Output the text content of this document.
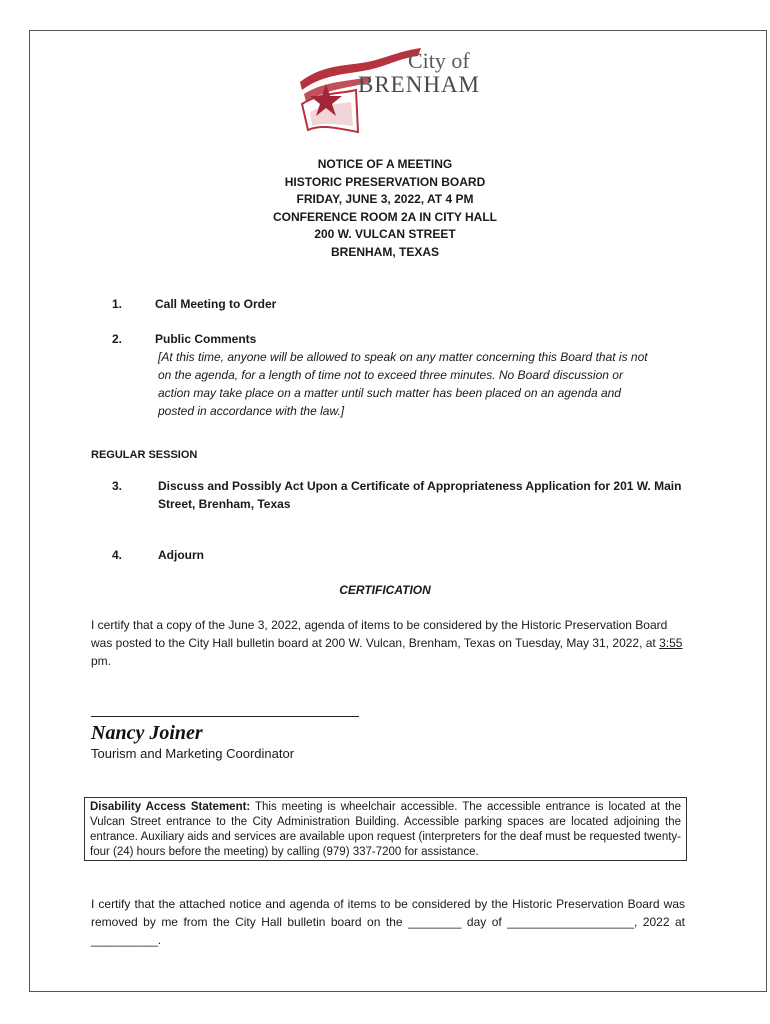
City of
BRENHAM
NOTICE OF A MEETING
HISTORIC PRESERVATION BOARD
FRIDAY, JUNE 3, 2022, AT 4 PM
CONFERENCE ROOM 2A IN CITY HALL
200 W. VULCAN STREET
BRENHAM, TEXAS
1.	Call Meeting to Order
2.	Public Comments
[At this time, anyone will be allowed to speak on any matter concerning this Board that is not on the agenda, for a length of time not to exceed three minutes. No Board discussion or action may take place on a matter until such matter has been placed on an agenda and posted in accordance with the law.]
REGULAR SESSION
3.	Discuss and Possibly Act Upon a Certificate of Appropriateness Application for 201 W. Main Street, Brenham, Texas
4.	Adjourn
CERTIFICATION
I certify that a copy of the June 3, 2022, agenda of items to be considered by the Historic Preservation Board was posted to the City Hall bulletin board at 200 W. Vulcan, Brenham, Texas on Tuesday, May 31, 2022, at 3:55 pm.
Nancy Joiner
Tourism and Marketing Coordinator
Disability Access Statement: This meeting is wheelchair accessible. The accessible entrance is located at the Vulcan Street entrance to the City Administration Building. Accessible parking spaces are located adjoining the entrance. Auxiliary aids and services are available upon request (interpreters for the deaf must be requested twenty-four (24) hours before the meeting) by calling (979) 337-7200 for assistance.
I certify that the attached notice and agenda of items to be considered by the Historic Preservation Board was removed by me from the City Hall bulletin board on the ________ day of ___________________, 2022 at __________.
